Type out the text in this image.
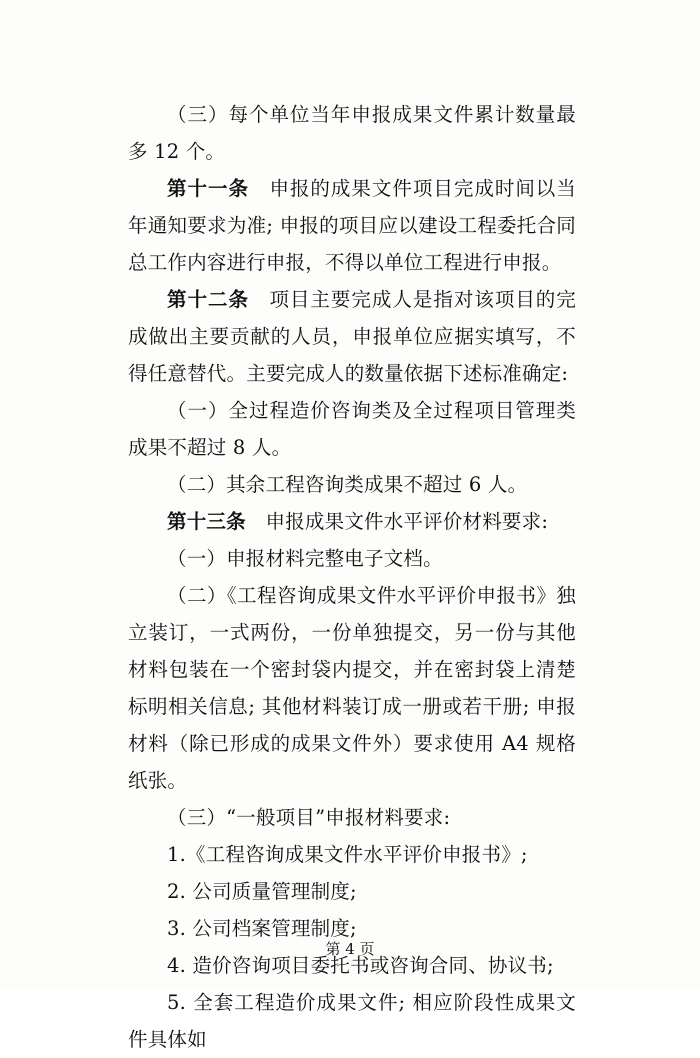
（三）每个单位当年申报成果文件累计数量最多 12 个。

第十一条　申报的成果文件项目完成时间以当年通知要求为准; 申报的项目应以建设工程委托合同总工作内容进行申报，不得以单位工程进行申报。

第十二条　项目主要完成人是指对该项目的完成做出主要贡献的人员，申报单位应据实填写，不得任意替代。主要完成人的数量依据下述标准确定:

（一）全过程造价咨询类及全过程项目管理类成果不超过 8 人。

（二）其余工程咨询类成果不超过 6 人。

第十三条　申报成果文件水平评价材料要求:

（一）申报材料完整电子文档。

（二）《工程咨询成果文件水平评价申报书》独立装订，一式两份，一份单独提交，另一份与其他材料包装在一个密封袋内提交，并在密封袋上清楚标明相关信息; 其他材料装订成一册或若干册; 申报材料（除已形成的成果文件外）要求使用 A4 规格纸张。

（三）“一般项目”申报材料要求:

1.《工程咨询成果文件水平评价申报书》;

2. 公司质量管理制度;

3. 公司档案管理制度;

4. 造价咨询项目委托书或咨询合同、协议书;

5. 全套工程造价成果文件; 相应阶段性成果文件具体如

第 4 页
